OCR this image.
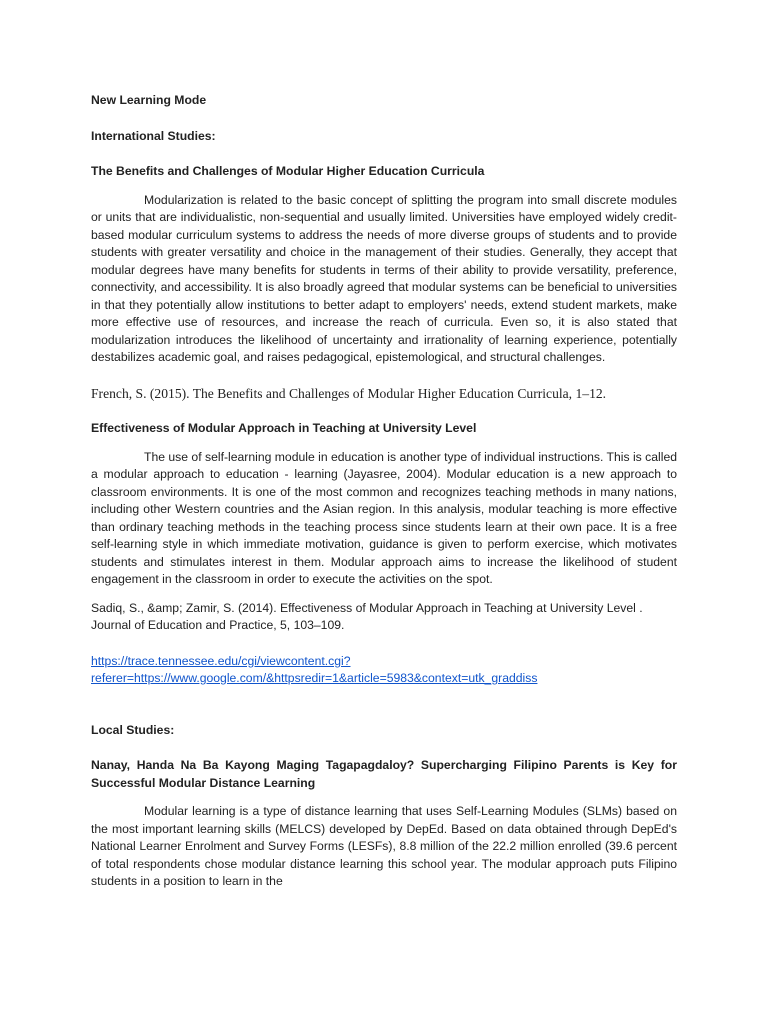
New Learning Mode

International Studies:

The Benefits and Challenges of Modular Higher Education Curricula

Modularization is related to the basic concept of splitting the program into small discrete modules or units that are individualistic, non-sequential and usually limited. Universities have employed widely credit-based modular curriculum systems to address the needs of more diverse groups of students and to provide students with greater versatility and choice in the management of their studies. Generally, they accept that modular degrees have many benefits for students in terms of their ability to provide versatility, preference, connectivity, and accessibility. It is also broadly agreed that modular systems can be beneficial to universities in that they potentially allow institutions to better adapt to employers' needs, extend student markets, make more effective use of resources, and increase the reach of curricula. Even so, it is also stated that modularization introduces the likelihood of uncertainty and irrationality of learning experience, potentially destabilizes academic goal, and raises pedagogical, epistemological, and structural challenges.

French, S. (2015). The Benefits and Challenges of Modular Higher Education Curricula, 1–12.

Effectiveness of Modular Approach in Teaching at University Level

The use of self-learning module in education is another type of individual instructions. This is called a modular approach to education - learning (Jayasree, 2004). Modular education is a new approach to classroom environments. It is one of the most common and recognizes teaching methods in many nations, including other Western countries and the Asian region. In this analysis, modular teaching is more effective than ordinary teaching methods in the teaching process since students learn at their own pace. It is a free self-learning style in which immediate motivation, guidance is given to perform exercise, which motivates students and stimulates interest in them. Modular approach aims to increase the likelihood of student engagement in the classroom in order to execute the activities on the spot.

Sadiq, S., &amp; Zamir, S. (2014). Effectiveness of Modular Approach in Teaching at University Level . Journal of Education and Practice, 5, 103–109.

https://trace.tennessee.edu/cgi/viewcontent.cgi?
referer=https://www.google.com/&httpsredir=1&article=5983&context=utk_graddiss

Local Studies:

Nanay, Handa Na Ba Kayong Maging Tagapagdaloy? Supercharging Filipino Parents is Key for Successful Modular Distance Learning

Modular learning is a type of distance learning that uses Self-Learning Modules (SLMs) based on the most important learning skills (MELCS) developed by DepEd. Based on data obtained through DepEd's National Learner Enrolment and Survey Forms (LESFs), 8.8 million of the 22.2 million enrolled (39.6 percent of total respondents chose modular distance learning this school year. The modular approach puts Filipino students in a position to learn in the
